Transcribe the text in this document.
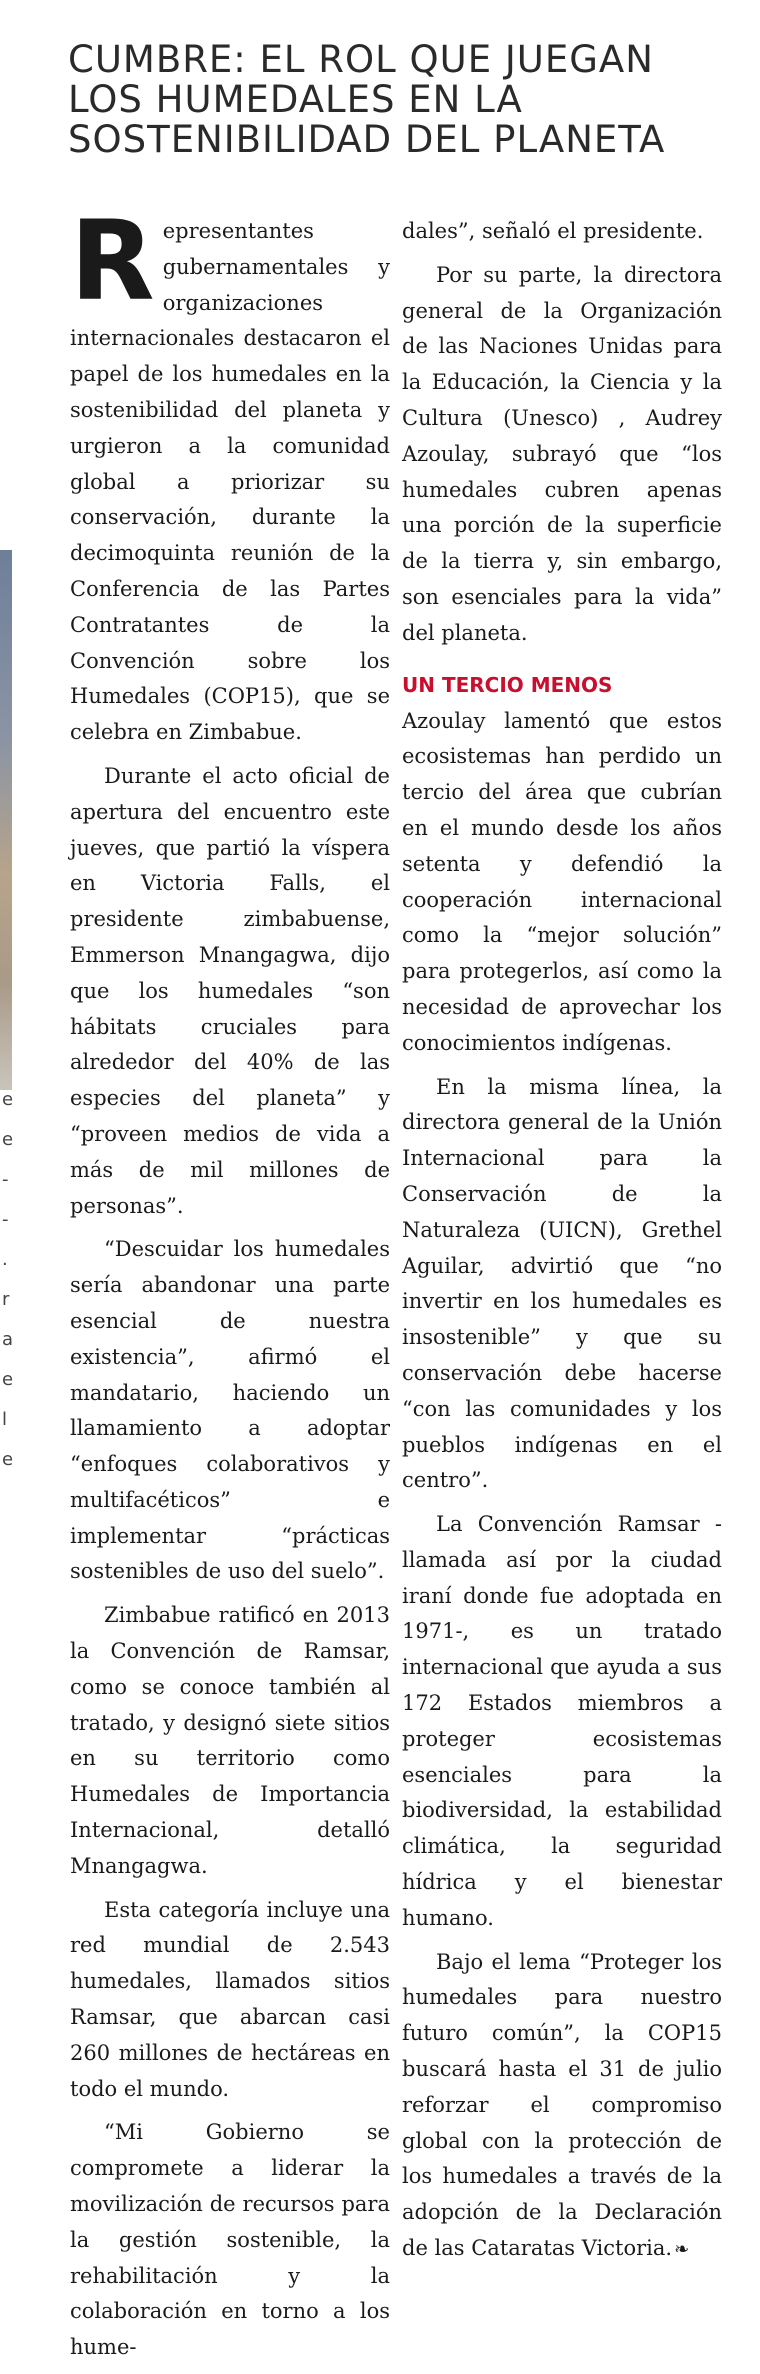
e
e
-
-
.
r
a
e
l
e
CUMBRE: EL ROL QUE JUEGAN LOS HUMEDALES EN LA SOSTENIBILIDAD DEL PLANETA

Representantes gubernamentales y organizaciones internacionales destacaron el papel de los humedales en la sostenibilidad del planeta y urgieron a la comunidad global a priorizar su conservación, durante la decimoquinta reunión de la Conferencia de las Partes Contratantes de la Convención sobre los Humedales (COP15), que se celebra en Zimbabue.

Durante el acto oficial de apertura del encuentro este jueves, que partió la víspera en Victoria Falls, el presidente zimbabuense, Emmerson Mnangagwa, dijo que los humedales “son hábitats cruciales para alrededor del 40% de las especies del planeta” y “proveen medios de vida a más de mil millones de personas”.

“Descuidar los humedales sería abandonar una parte esencial de nuestra existencia”, afirmó el mandatario, haciendo un llamamiento a adoptar “enfoques colaborativos y multifacéticos” e implementar “prácticas sostenibles de uso del suelo”.

Zimbabue ratificó en 2013 la Convención de Ramsar, como se conoce también al tratado, y designó siete sitios en su territorio como Humedales de Importancia Internacional, detalló Mnangagwa.

Esta categoría incluye una red mundial de 2.543 humedales, llamados sitios Ramsar, que abarcan casi 260 millones de hectáreas en todo el mundo.

“Mi Gobierno se compromete a liderar la movilización de recursos para la gestión sostenible, la rehabilitación y la colaboración en torno a los hume-

dales”, señaló el presidente.

Por su parte, la directora general de la Organización de las Naciones Unidas para la Educación, la Ciencia y la Cultura (Unesco) , Audrey Azoulay, subrayó que “los humedales cubren apenas una porción de la superficie de la tierra y, sin embargo, son esenciales para la vida” del planeta.

UN TERCIO MENOS

Azoulay lamentó que estos ecosistemas han perdido un tercio del área que cubrían en el mundo desde los años setenta y defendió la cooperación internacional como la “mejor solución” para protegerlos, así como la necesidad de aprovechar los conocimientos indígenas.

En la misma línea, la directora general de la Unión Internacional para la Conservación de la Naturaleza (UICN), Grethel Aguilar, advirtió que “no invertir en los humedales es insostenible” y que su conservación debe hacerse “con las comunidades y los pueblos indígenas en el centro”.

La Convención Ramsar -llamada así por la ciudad iraní donde fue adoptada en 1971-, es un tratado internacional que ayuda a sus 172 Estados miembros a proteger ecosistemas esenciales para la biodiversidad, la estabilidad climática, la seguridad hídrica y el bienestar humano.

Bajo el lema “Proteger los humedales para nuestro futuro común”, la COP15 buscará hasta el 31 de julio reforzar el compromiso global con la protección de los humedales a través de la adopción de la Declaración de las Cataratas Victoria. ❧
